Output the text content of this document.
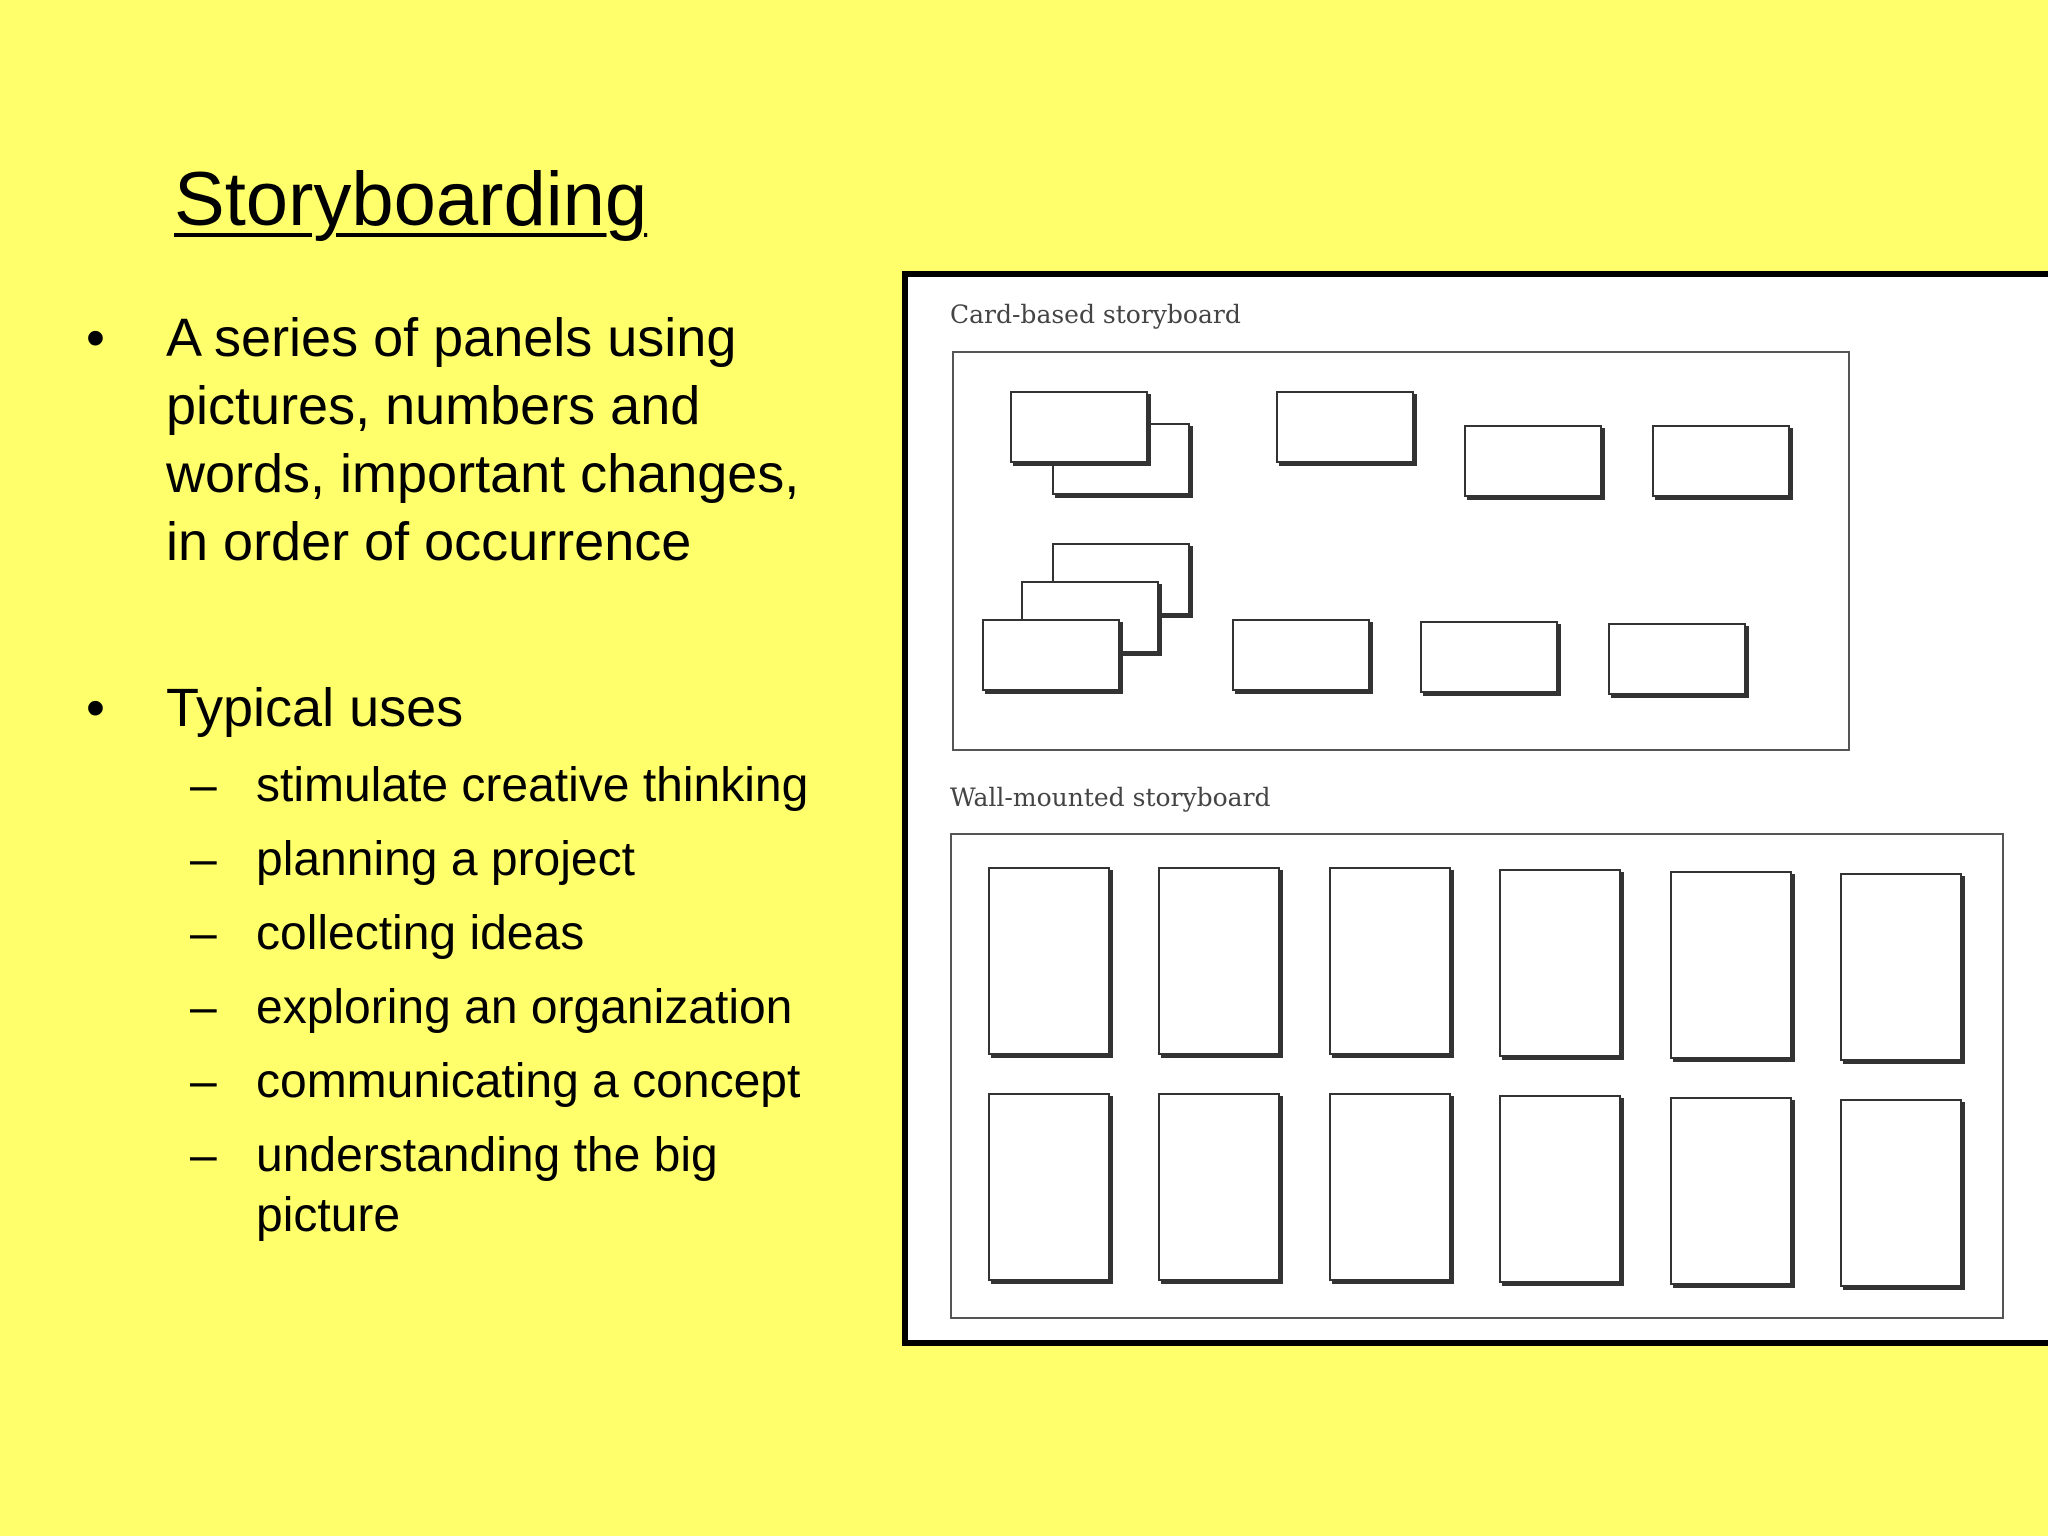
Storyboarding
• A series of panels using
pictures, numbers and
words, important changes,
in order of occurrence
• Typical uses
– stimulate creative thinking
– planning a project
– collecting ideas
– exploring an organization
– communicating a concept
– understanding the big
picture
Card-based storyboard
Wall-mounted storyboard
